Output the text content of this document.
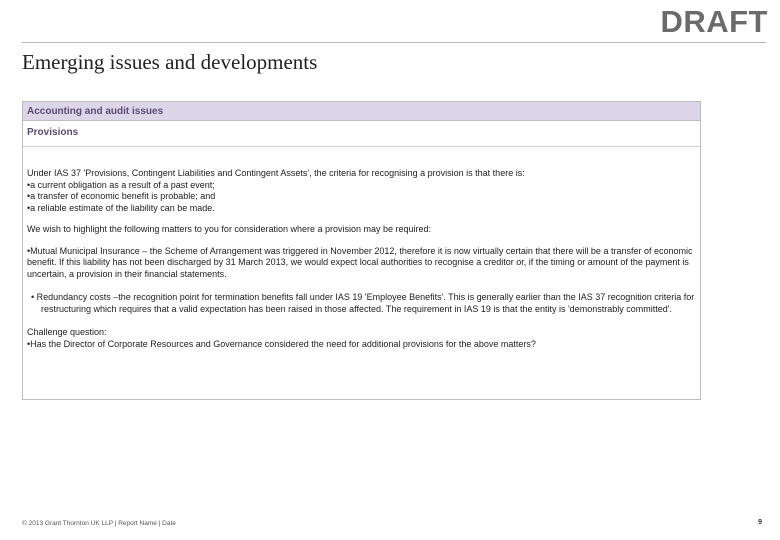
DRAFT
Emerging issues and developments
Accounting and audit issues
Provisions

Under IAS 37 'Provisions, Contingent Liabilities and Contingent Assets', the criteria for recognising a provision is that there is:

•a current obligation as a result of a past event;

•a transfer of economic benefit is probable; and

•a reliable estimate of the liability can be made.

We wish to highlight the following matters to you for consideration where a provision may be required:

•Mutual Municipal Insurance – the Scheme of Arrangement was triggered in November 2012, therefore it is now virtually certain that there will be a transfer of economic benefit. If this liability has not been discharged by 31 March 2013, we would expect local authorities to recognise a creditor or, if the timing or amount of the payment is uncertain, a provision in their financial statements.

• Redundancy costs –the recognition point for termination benefits fall under IAS 19 'Employee Benefits'. This is generally earlier than the IAS 37 recognition criteria for restructuring which requires that a valid expectation has been raised in those affected. The requirement in IAS 19 is that the entity is 'demonstrably committed'.

Challenge question:

•Has the Director of Corporate Resources and Governance considered the need for additional provisions for the above matters?

© 2013 Grant Thornton UK LLP | Report Name | Date	9
